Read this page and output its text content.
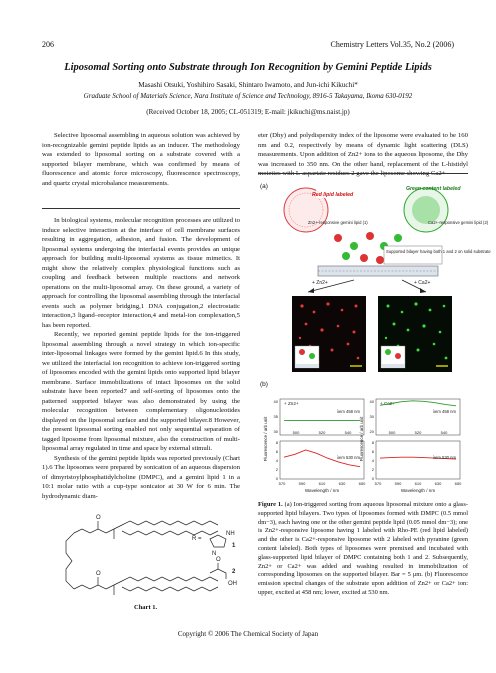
206	Chemistry Letters Vol.35, No.2 (2006)
Liposomal Sorting onto Substrate through Ion Recognition by Gemini Peptide Lipids
Masashi Otsuki, Yoshihiro Sasaki, Shintaro Iwamoto, and Jun-ichi Kikuchi*
Graduate School of Materials Science, Nara Institute of Science and Technology, 8916-5 Takayama, Ikoma 630-0192
(Received October 18, 2005; CL-051319; E-mail: jkikuchi@ms.naist.jp)

Selective liposomal assembling in aqueous solution was achieved by ion-recognizable gemini peptide lipids as an inducer. The methodology was extended to liposomal sorting on a substrate covered with a supported bilayer membrane, which was confirmed by means of fluorescence and atomic force microscopy, fluorescence spectroscopy, and quartz crystal microbalance measurements.

In biological systems, molecular recognition processes are utilized to induce selective interaction at the interface of cell membrane surfaces resulting in aggregation, adhesion, and fusion. The development of liposomal systems undergoing the interfacial events provides an unique approach for building multi-liposomal systems as tissue mimetics. It might show the relatively complex physiological functions such as coupling and feedback between multiple reactions and network operations on the multi-liposomal array. On these ground, a variety of approach for controlling the liposomal assembling through the interfacial events such as polymer bridging,1 DNA conjugation,2 electrostatic interaction,3 ligand–receptor interaction,4 and metal-ion complexation,5 has been reported.

Recently, we reported gemini peptide lipids for the ion-triggered liposomal assembling through a novel strategy in which ion-specific inter-liposomal linkages were formed by the gemini lipid.6 In this study, we utilized the interfacial ion recognition to achieve ion-triggered sorting of liposomes encoded with the gemini lipids onto supported lipid bilayer membrane. Surface immobilizations of intact liposomes on the solid substrate have been reported7 and self-sorting of liposomes onto the patterned supported bilayer was also demonstrated by using the molecular recognition between complementary oligonucleotides displayed on the liposomal surface and the supported bilayer.8 However, the present liposomal sorting enabled not only sequential separation of tagged liposome from liposomal mixture, also the construction of multi-liposomal array regulated in time and space by external stimuli.

Synthesis of the gemini peptide lipids was reported previously (Chart 1).6 The liposomes were prepared by sonication of an aqueous dispersion of dimyristoylphosphatidylcholine (DMPC), and a gemini lipid 1 in a 10:1 molar ratio with a cup-type sonicator at 30 W for 6 min. The hydrodynamic diam-

O
O
R =
NH
N
1
OH
O
2
Chart 1.

eter (Dhy) and polydispersity index of the liposome were evaluated to be 160 nm and 0.2, respectively by means of dynamic light scattering (DLS) measurements. Upon addition of Zn2+ ions to the aqueous liposome, the Dhy was increased to 350 nm. On the other hand, replacement of the L-histidyl moieties with L-aspartate residues 2 gave the liposome showing Ca2+-

(a)
Red lipid labeled
Zn2+-responsive gemini lipid (1)
Green content labeled
Ca2+-responsive gemini lipid (2)
Supported bilayer having both 1 and 2 on solid substrate
+ Zn2+	+ Ca2+
(b)
+ Zn2+
λem 458 nm
λem 530 nm
500	520	540
40
35
30
8
6
4
2
0
570	590	610	630	650
Wavelength / nm
Fluorescence / arb unit
+ Ca2+
λem 458 nm
λem 530 nm
500	520	540
40
30
20
8
6
4
2
0
570	590	610	630	650
Wavelength / nm
Fluorescence / arb unit
Figure 1. (a) Ion-triggered sorting from aqueous liposomal mixture onto a glass-supported lipid bilayers. Two types of liposomes formed with DMPC (0.5 mmol dm−3), each having one or the other gemini peptide lipid (0.05 mmol dm−3); one is Zn2+-responsive liposome having 1 labeled with Rho-PE (red lipid labeled) and the other is Ca2+-responsive liposome with 2 labeled with pyranine (green content labeled). Both types of liposomes were premixed and incubated with glass-supported lipid bilayer of DMPC containing both 1 and 2. Subsequently, Zn2+ or Ca2+ was added and washing resulted in immobilization of corresponding liposomes on the supported bilayer. Bar = 5 μm. (b) Fluorescence emission spectral changes of the substrate upon addition of Zn2+ or Ca2+ ion: upper, excited at 458 nm; lower, excited at 530 nm.
Copyright © 2006 The Chemical Society of Japan
